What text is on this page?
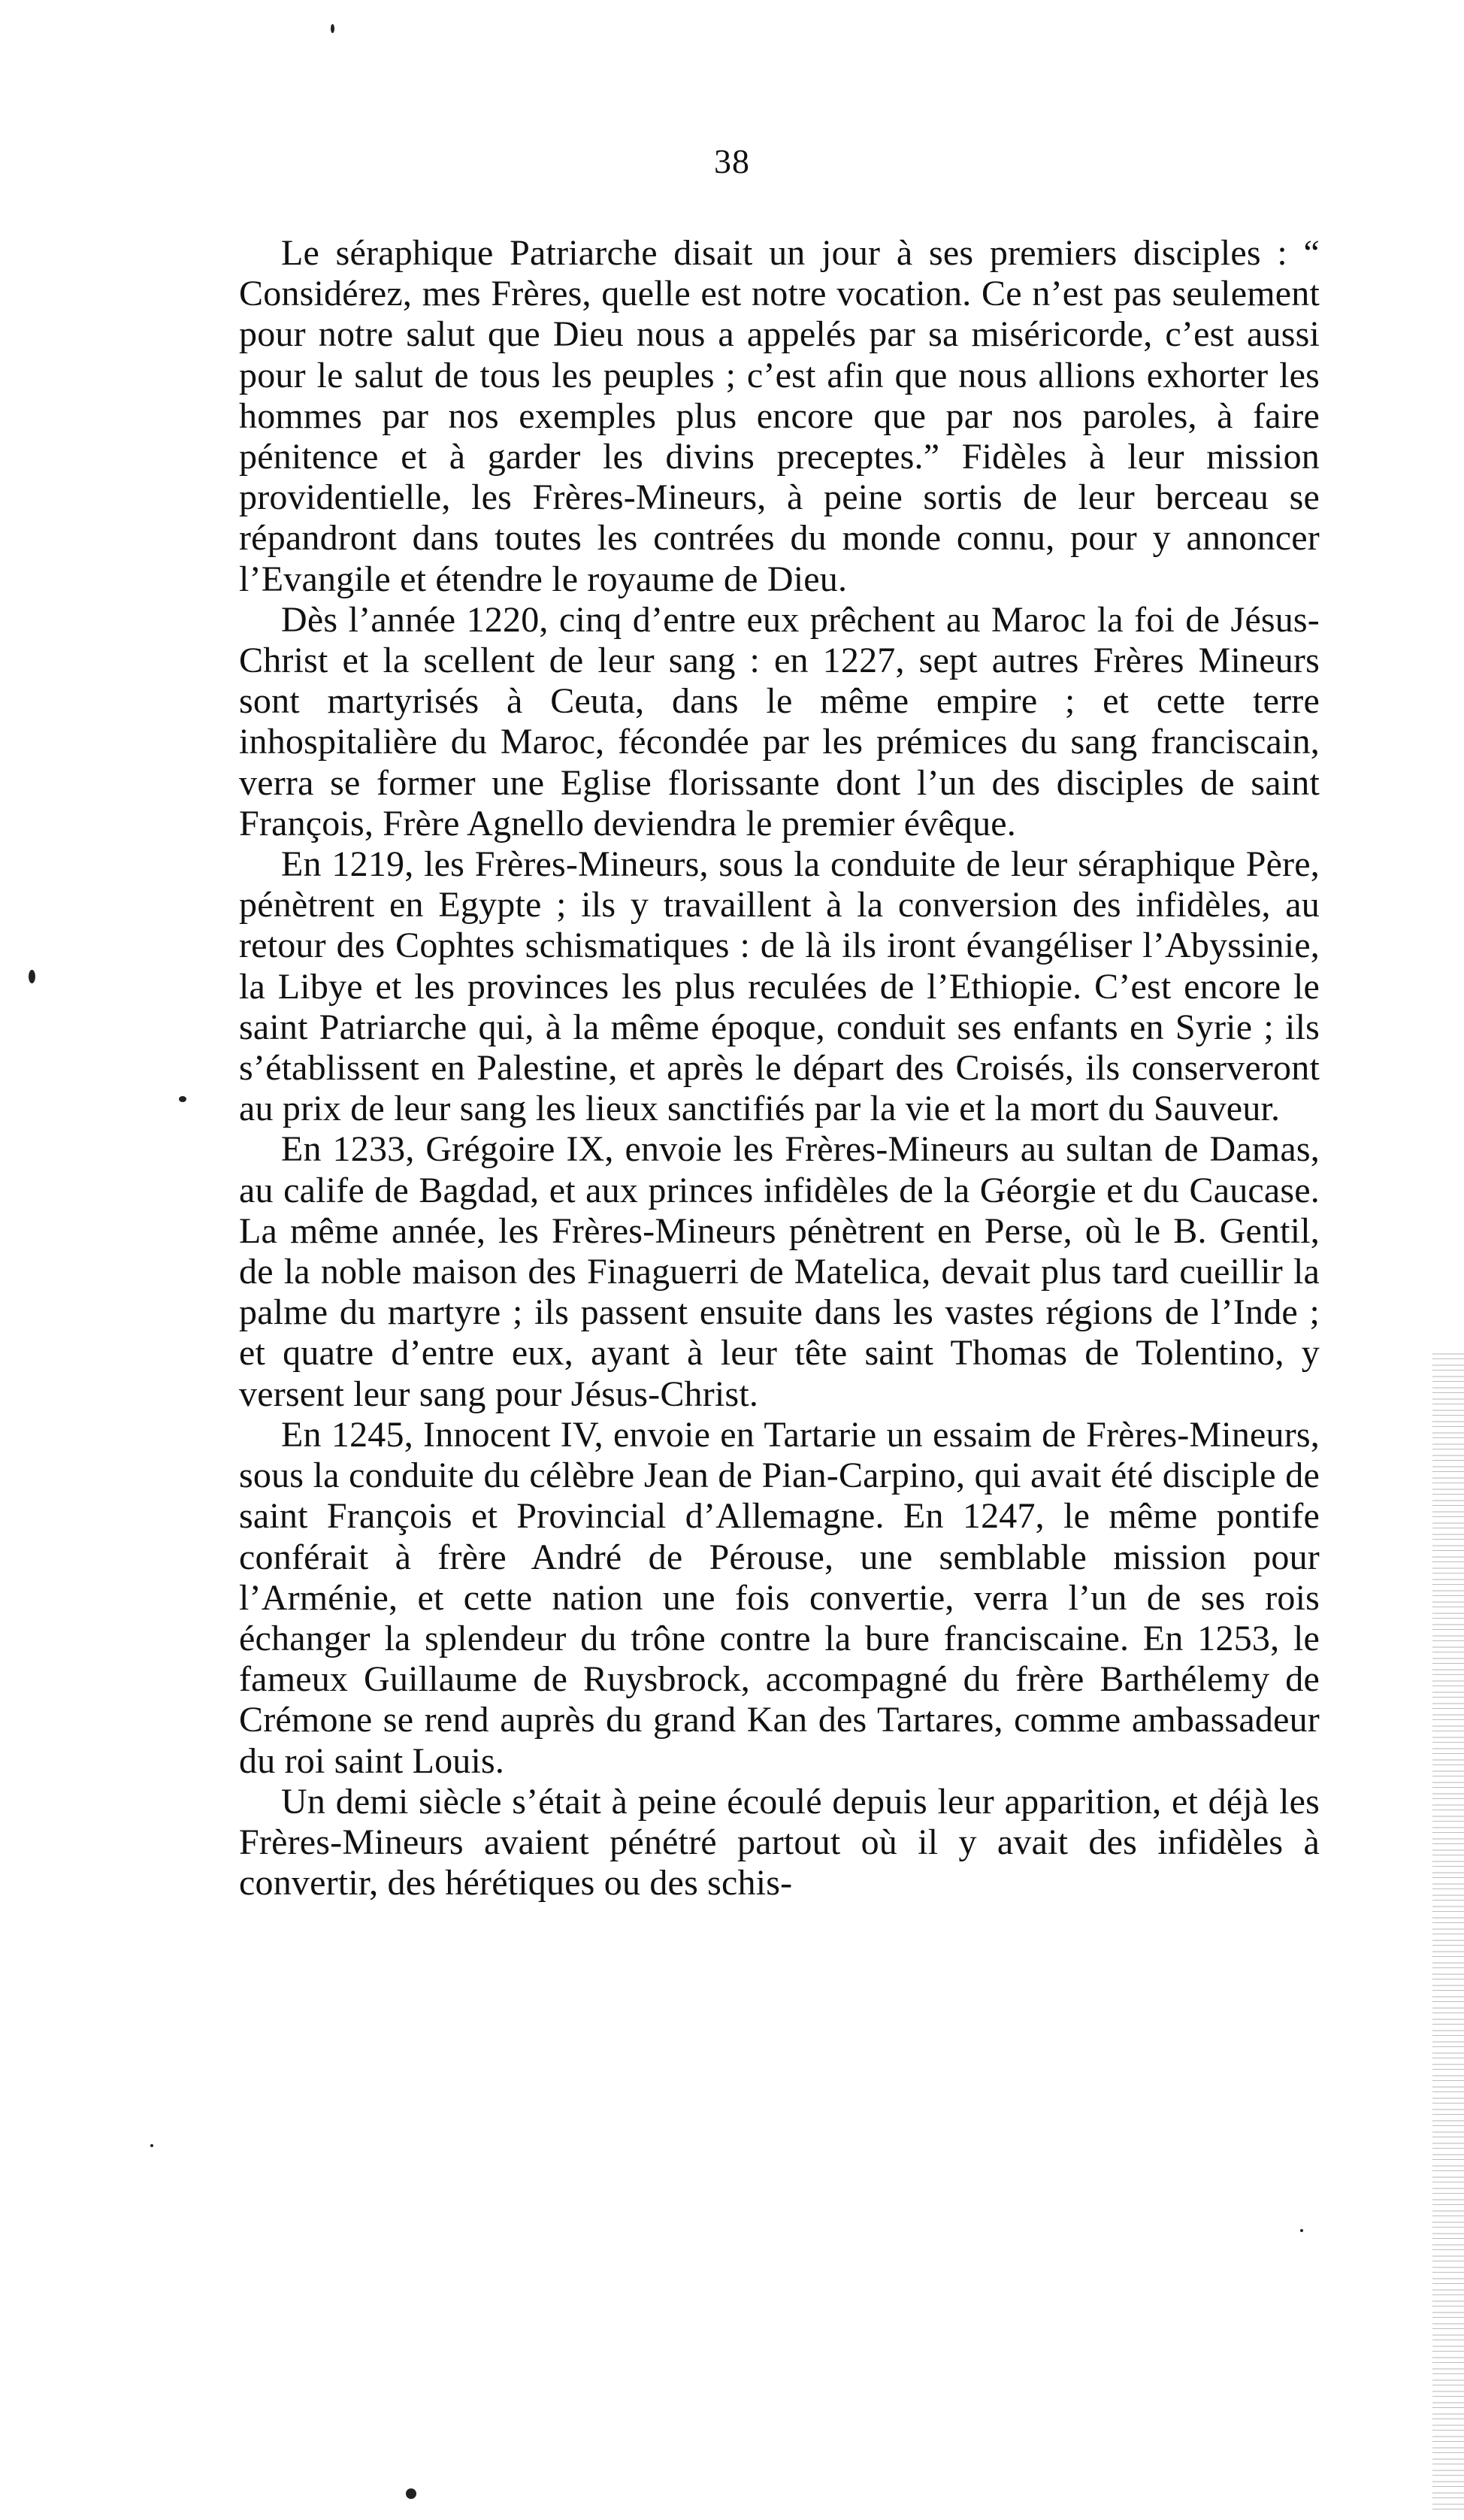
38

Le séraphique Patriarche disait un jour à ses premiers disciples : “ Considérez, mes Frères, quelle est notre vocation. Ce n’est pas seulement pour notre salut que Dieu nous a appelés par sa miséricorde, c’est aussi pour le salut de tous les peuples ; c’est afin que nous allions exhorter les hommes par nos exemples plus encore que par nos paroles, à faire pénitence et à garder les divins preceptes.” Fidèles à leur mission providentielle, les Frères-Mineurs, à peine sortis de leur berceau se répandront dans toutes les contrées du monde connu, pour y annoncer l’Evangile et étendre le royaume de Dieu.

Dès l’année 1220, cinq d’entre eux prêchent au Maroc la foi de Jésus-Christ et la scellent de leur sang : en 1227, sept autres Frères Mineurs sont martyrisés à Ceuta, dans le même empire ; et cette terre inhospitalière du Maroc, fécondée par les prémices du sang franciscain, verra se former une Eglise florissante dont l’un des disciples de saint François, Frère Agnello deviendra le premier évêque.

En 1219, les Frères-Mineurs, sous la conduite de leur séraphique Père, pénètrent en Egypte ; ils y travaillent à la conversion des infidèles, au retour des Cophtes schismatiques : de là ils iront évangéliser l’Abyssinie, la Libye et les provinces les plus reculées de l’Ethiopie. C’est encore le saint Patriarche qui, à la même époque, conduit ses enfants en Syrie ; ils s’établissent en Palestine, et après le départ des Croisés, ils conserveront au prix de leur sang les lieux sanctifiés par la vie et la mort du Sauveur.

En 1233, Grégoire IX, envoie les Frères-Mineurs au sultan de Damas, au calife de Bagdad, et aux princes infidèles de la Géorgie et du Caucase. La même année, les Frères-Mineurs pénètrent en Perse, où le B. Gentil, de la noble maison des Finaguerri de Matelica, devait plus tard cueillir la palme du martyre ; ils passent ensuite dans les vastes régions de l’Inde ; et quatre d’entre eux, ayant à leur tête saint Thomas de Tolentino, y versent leur sang pour Jésus-Christ.

En 1245, Innocent IV, envoie en Tartarie un essaim de Frères-Mineurs, sous la conduite du célèbre Jean de Pian-Carpino, qui avait été disciple de saint François et Provincial d’Allemagne. En 1247, le même pontife conférait à frère André de Pérouse, une semblable mission pour l’Arménie, et cette nation une fois convertie, verra l’un de ses rois échanger la splendeur du trône contre la bure franciscaine. En 1253, le fameux Guillaume de Ruysbrock, accompagné du frère Barthélemy de Crémone se rend auprès du grand Kan des Tartares, comme ambassadeur du roi saint Louis.

Un demi siècle s’était à peine écoulé depuis leur apparition, et déjà les Frères-Mineurs avaient pénétré partout où il y avait des infidèles à convertir, des hérétiques ou des schis-
